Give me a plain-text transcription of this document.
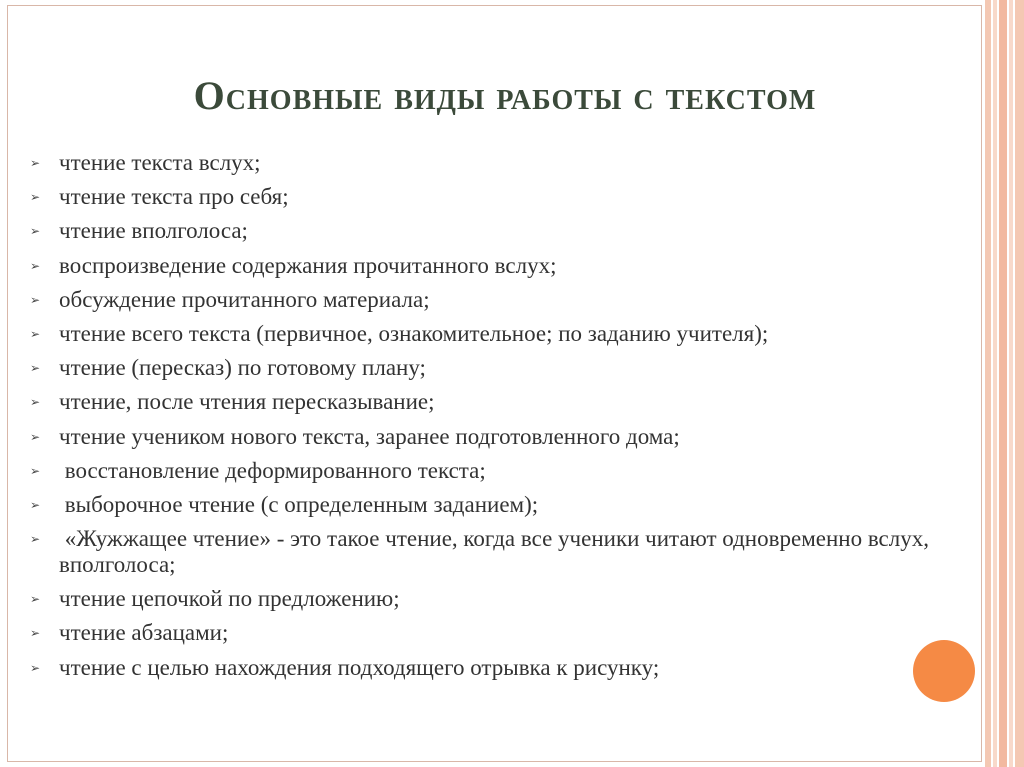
Основные виды работы с текстом
➢ чтение текста вслух;
➢ чтение текста про себя;
➢ чтение вполголоса;
➢ воспроизведение содержания прочитанного вслух;
➢ обсуждение прочитанного материала;
➢ чтение всего текста (первичное, ознакомительное; по заданию учителя);
➢ чтение (пересказ) по готовому плану;
➢ чтение, после чтения пересказывание;
➢ чтение учеником нового текста, заранее подготовленного дома;
➢ восстановление деформированного текста;
➢ выборочное чтение (с определенным заданием);
➢ «Жужжащее чтение» - это такое чтение, когда все ученики читают одновременно вслух, вполголоса;
➢ чтение цепочкой по предложению;
➢ чтение абзацами;
➢ чтение с целью нахождения подходящего отрывка к рисунку;
